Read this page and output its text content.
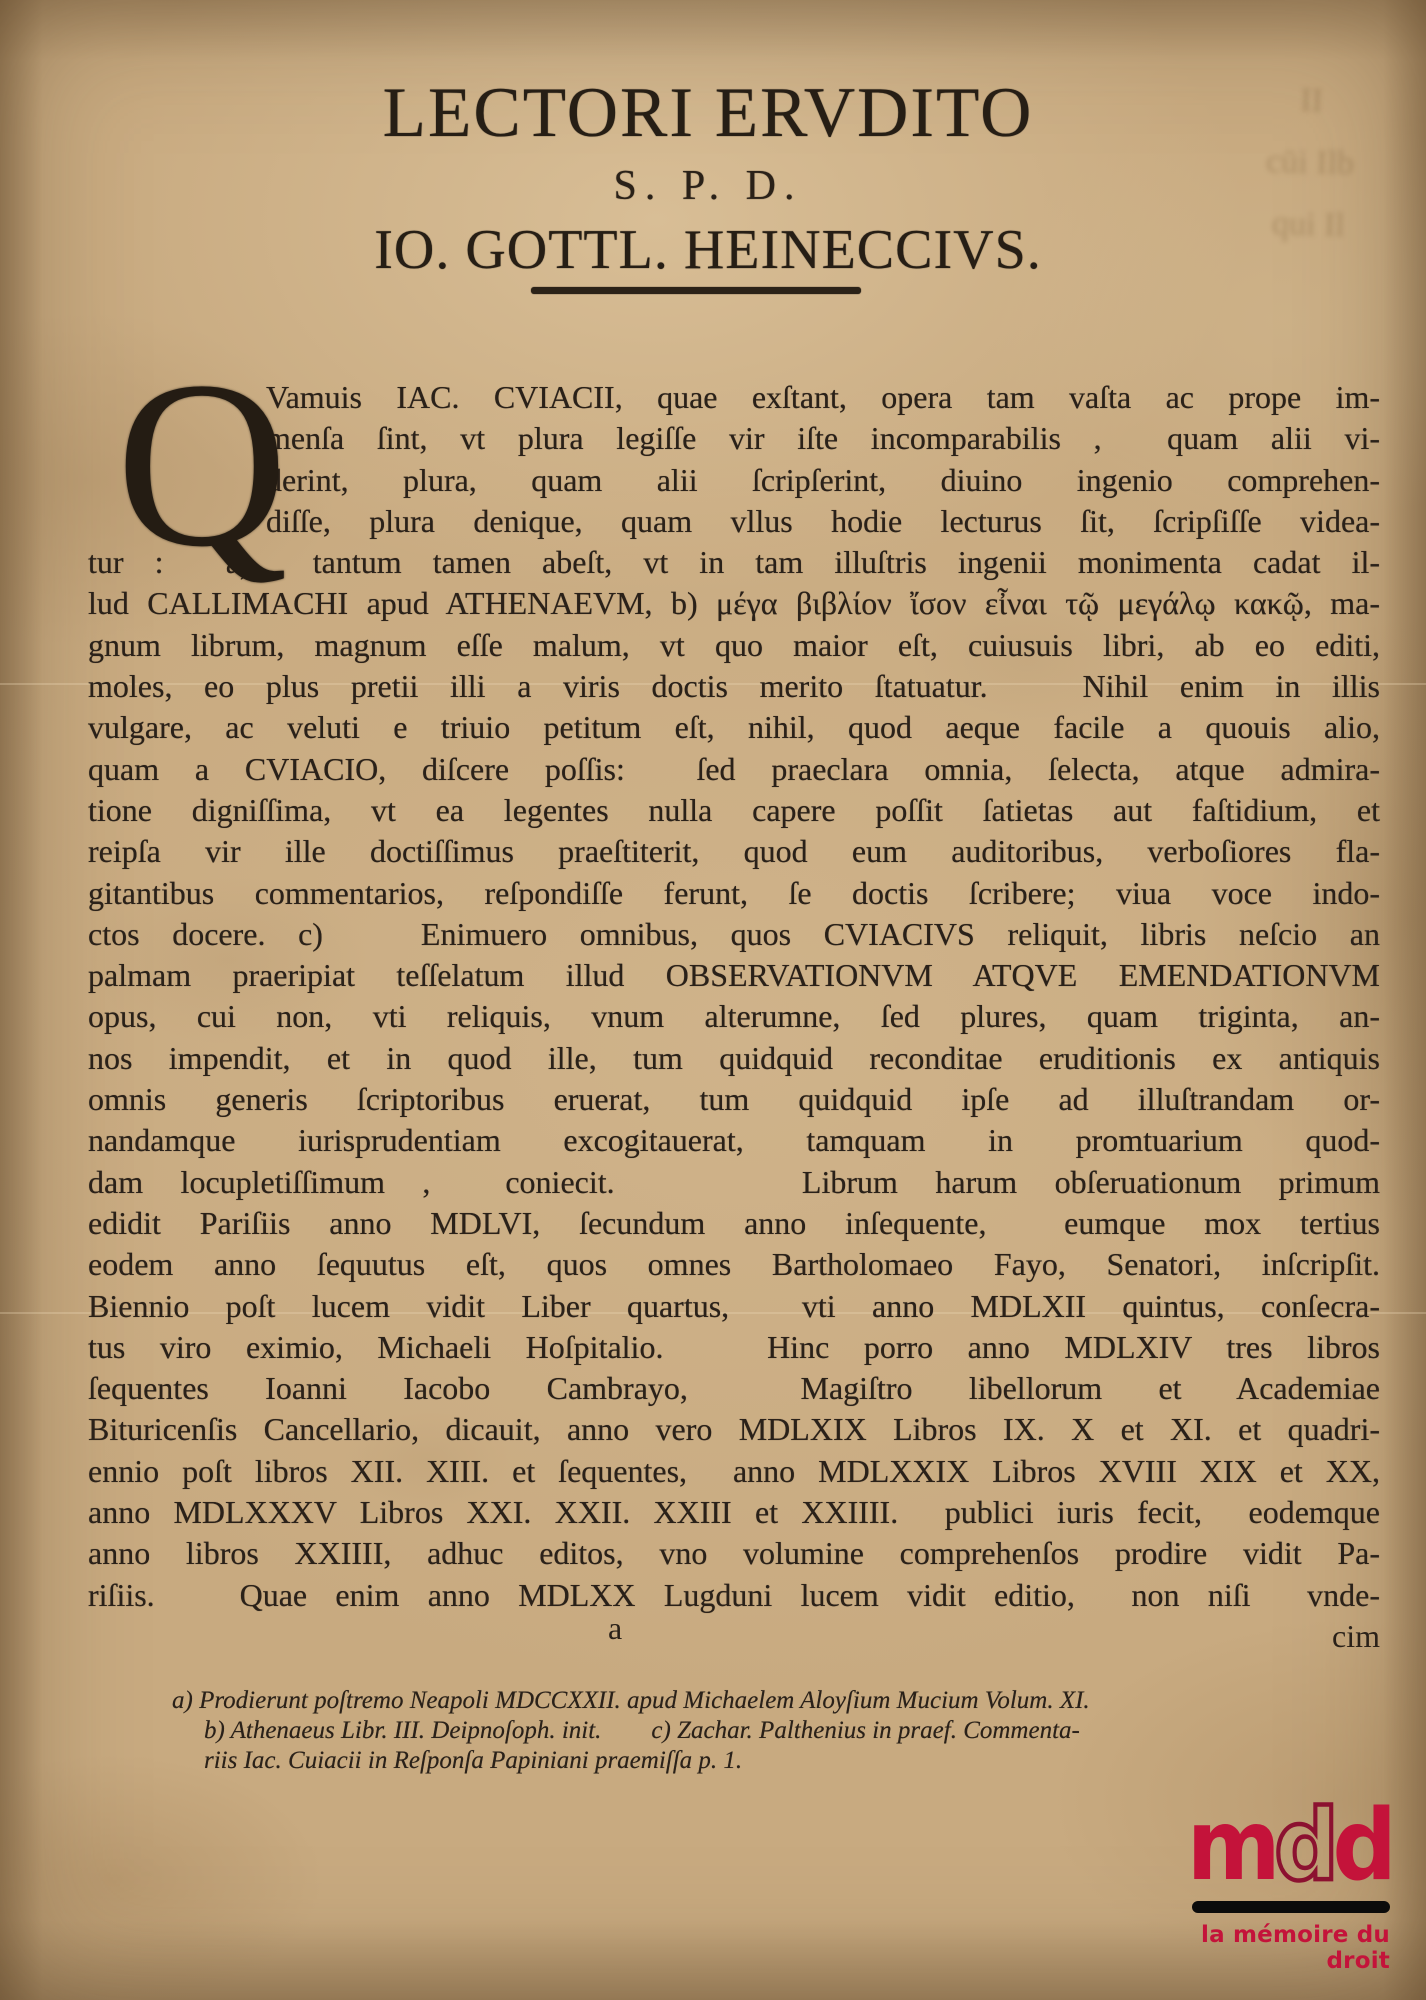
II
cūi Ilb
qui Il
LECTORI ERVDITO
S. P. D.
IO. GOTTL. HEINECCIVS.
Q
Vamuis IAC. CVIACII, quae exſtant, opera tam vaſta ac prope im-
menſa ſint, vt plura legiſſe vir iſte incomparabilis ,  quam alii vi-
derint, plura, quam alii ſcripſerint, diuino ingenio comprehen-
diſſe, plura denique, quam vllus hodie lecturus ſit, ſcripſiſſe videa-
tur :  a)  tantum tamen abeſt, vt in tam illuſtris ingenii monimenta cadat il-
lud CALLIMACHI apud ATHENAEVM, b) μέγα βιβλίον ἴσον εἶναι τῷ μεγάλῳ κακῷ, ma-
gnum librum, magnum eſſe malum, vt quo maior eſt, cuiusuis libri, ab eo editi,
moles, eo plus pretii illi a viris doctis merito ſtatuatur.   Nihil enim in illis
vulgare, ac veluti e triuio petitum eſt, nihil, quod aeque facile a quouis alio,
quam a CVIACIO, diſcere poſſis:  ſed praeclara omnia, ſelecta, atque admira-
tione digniſſima, vt ea legentes nulla capere poſſit ſatietas aut faſtidium, et
reipſa vir ille doctiſſimus praeſtiterit, quod eum auditoribus, verboſiores fla-
gitantibus commentarios, reſpondiſſe ferunt, ſe doctis ſcribere; viua voce indo-
ctos docere. c)   Enimuero omnibus, quos CVIACIVS reliquit, libris neſcio an
palmam praeripiat teſſelatum illud OBSERVATIONVM ATQVE EMENDATIONVM
opus, cui non, vti reliquis, vnum alterumne, ſed plures, quam triginta, an-
nos impendit, et in quod ille, tum quidquid reconditae eruditionis ex antiquis
omnis generis ſcriptoribus eruerat, tum quidquid ipſe ad illuſtrandam or-
nandamque iurisprudentiam excogitauerat, tamquam in promtuarium quod-
dam locupletiſſimum ,  coniecit.     Librum harum obſeruationum primum
edidit Pariſiis anno MDLVI, ſecundum anno inſequente,  eumque mox tertius
eodem anno ſequutus eſt, quos omnes Bartholomaeo Fayo, Senatori, inſcripſit.
Biennio poſt lucem vidit Liber quartus,  vti anno MDLXII quintus, conſecra-
tus viro eximio, Michaeli Hoſpitalio.   Hinc porro anno MDLXIV tres libros
ſequentes Ioanni Iacobo Cambrayo,  Magiſtro libellorum et Academiae
Bituricenſis Cancellario, dicauit, anno vero MDLXIX Libros IX. X et XI. et quadri-
ennio poſt libros XII. XIII. et ſequentes,  anno MDLXXIX Libros XVIII XIX et XX,
anno MDLXXXV Libros XXI. XXII. XXIII et XXIIII.  publici iuris fecit,  eodemque
anno libros XXIIII, adhuc editos, vno volumine comprehenſos prodire vidit Pa-
riſiis.   Quae enim anno MDLXX Lugduni lucem vidit editio,  non niſi  vnde-
a	cim
a) Prodierunt poſtremo Neapoli MDCCXXII. apud Michaelem Aloyſium Mucium Volum. XI.
b) Athenaeus Libr. III. Deipnoſoph. init.        c) Zachar. Palthenius in praef. Commenta-
riis Iac. Cuiacii in Reſponſa Papiniani praemiſſa p. 1.
mdd
la mémoire du droit
